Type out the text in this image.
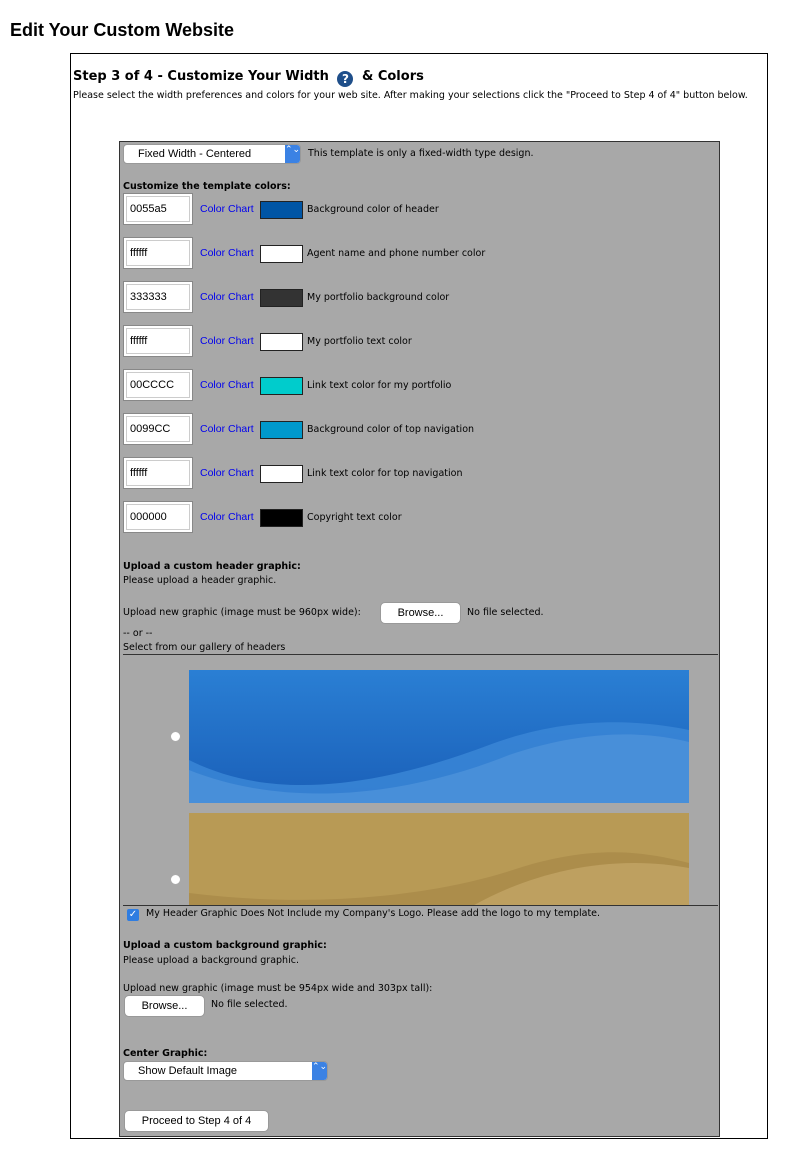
Edit Your Custom Website
Step 3 of 4 - Customize Your Width ? & Colors
Please select the width preferences and colors for your web site. After making your selections click the "Proceed to Step 4 of 4" button below.
Fixed Width - Centered	⌃⌄ This template is only a fixed-width type design.
Customize the template colors:
0055a5	Color Chart	Background color of header
ffffff	Color Chart	Agent name and phone number color
333333	Color Chart	My portfolio background color
ffffff	Color Chart	My portfolio text color
00CCCC	Color Chart	Link text color for my portfolio
0099CC	Color Chart	Background color of top navigation
ffffff	Color Chart	Link text color for top navigation
000000	Color Chart	Copyright text color
Upload a custom header graphic:
Please upload a header graphic.
Upload new graphic (image must be 960px wide):	Browse...	No file selected.
-- or --
Select from our gallery of headers
✓ My Header Graphic Does Not Include my Company's Logo. Please add the logo to my template.
Upload a custom background graphic:
Please upload a background graphic.
Upload new graphic (image must be 954px wide and 303px tall):
Browse...	No file selected.
Center Graphic:
Show Default Image	⌃⌄
Proceed to Step 4 of 4
